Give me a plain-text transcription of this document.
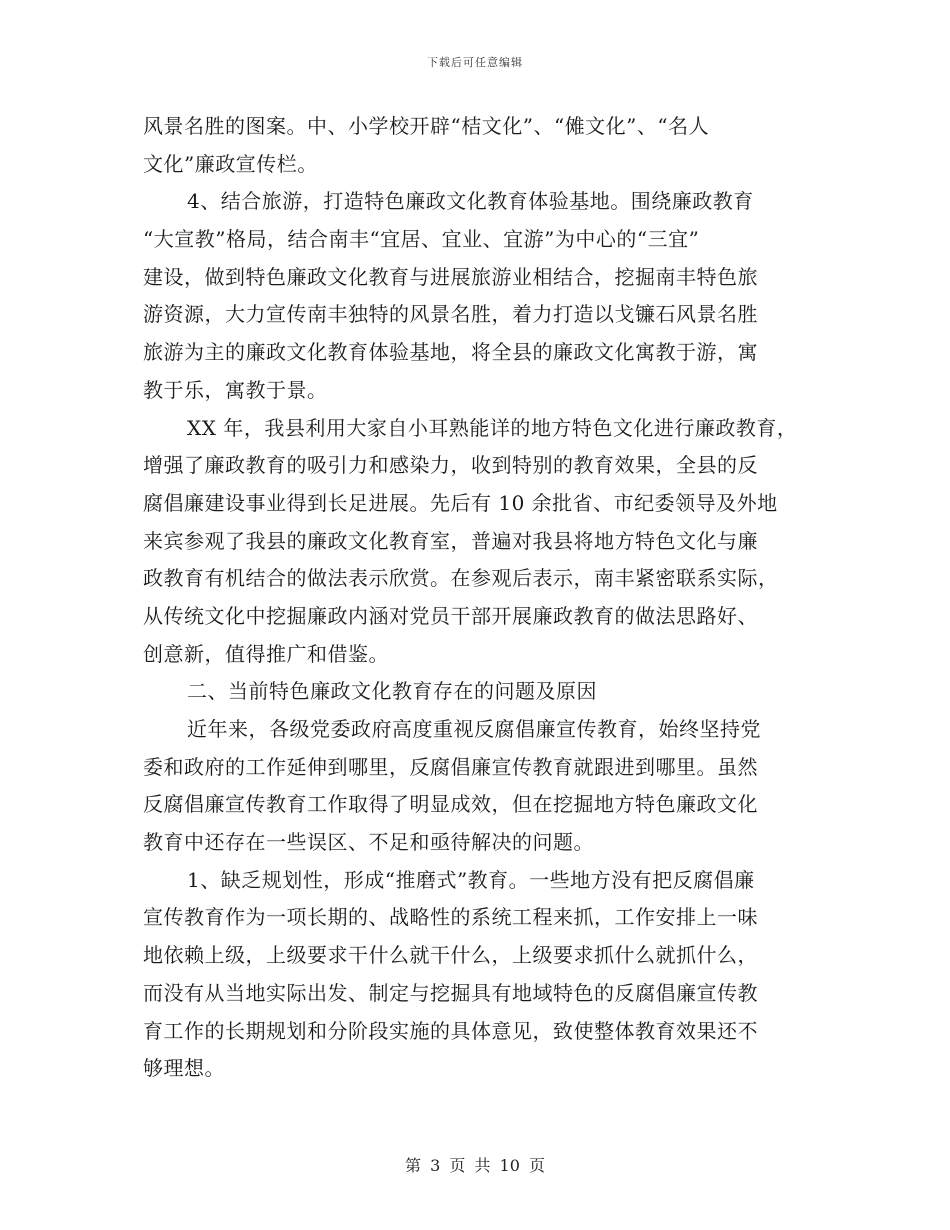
下载后可任意编辑
风景名胜的图案。中、小学校开辟“桔文化”、“傩文化”、“名人
文化”廉政宣传栏。
4、结合旅游，打造特色廉政文化教育体验基地。围绕廉政教育
“大宣教”格局，结合南丰“宜居、宜业、宜游”为中心的“三宜”
建设，做到特色廉政文化教育与进展旅游业相结合，挖掘南丰特色旅
游资源，大力宣传南丰独特的风景名胜，着力打造以戈镰石风景名胜
旅游为主的廉政文化教育体验基地，将全县的廉政文化寓教于游，寓
教于乐，寓教于景。
XX 年，我县利用大家自小耳熟能详的地方特色文化进行廉政教育，
增强了廉政教育的吸引力和感染力，收到特别的教育效果，全县的反
腐倡廉建设事业得到长足进展。先后有 10 余批省、市纪委领导及外地
来宾参观了我县的廉政文化教育室，普遍对我县将地方特色文化与廉
政教育有机结合的做法表示欣赏。在参观后表示，南丰紧密联系实际，
从传统文化中挖掘廉政内涵对党员干部开展廉政教育的做法思路好、
创意新，值得推广和借鉴。
二、当前特色廉政文化教育存在的问题及原因
近年来，各级党委政府高度重视反腐倡廉宣传教育，始终坚持党
委和政府的工作延伸到哪里，反腐倡廉宣传教育就跟进到哪里。虽然
反腐倡廉宣传教育工作取得了明显成效，但在挖掘地方特色廉政文化
教育中还存在一些误区、不足和亟待解决的问题。
1、缺乏规划性，形成“推磨式”教育。一些地方没有把反腐倡廉
宣传教育作为一项长期的、战略性的系统工程来抓，工作安排上一味
地依赖上级，上级要求干什么就干什么，上级要求抓什么就抓什么，
而没有从当地实际出发、制定与挖掘具有地域特色的反腐倡廉宣传教
育工作的长期规划和分阶段实施的具体意见，致使整体教育效果还不
够理想。
第 3 页 共 10 页
